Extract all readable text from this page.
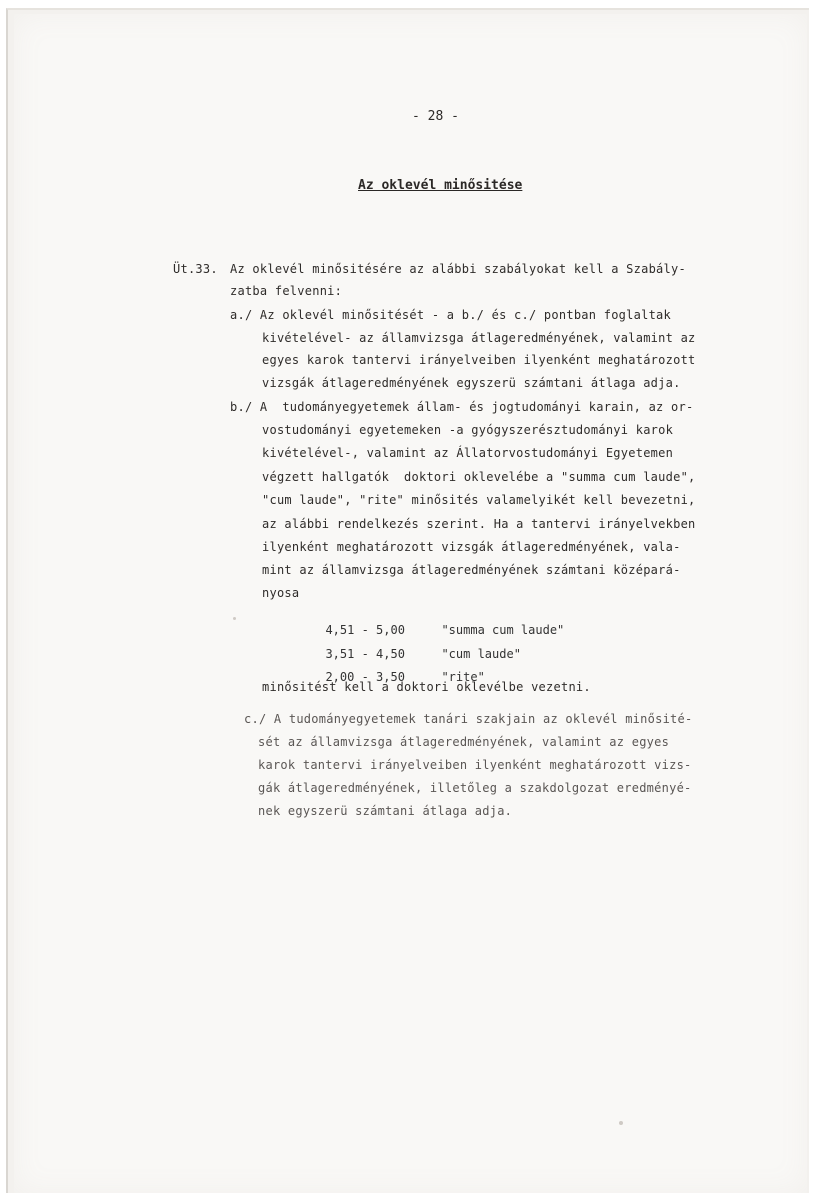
- 28 -
Az oklevél minősitése
Üt.33. Az oklevél minősitésére az alábbi szabályokat kell a Szabály-
zatba felvenni:
a./ Az oklevél minősitését - a b./ és c./ pontban foglaltak
kivételével- az államvizsga átlageredményének, valamint az
egyes karok tantervi irányelveiben ilyenként meghatározott
vizsgák átlageredményének egyszerü számtani átlaga adja.
b./ A  tudományegyetemek állam- és jogtudományi karain, az or-
vostudományi egyetemeken -a gyógyszerésztudományi karok
kivételével-, valamint az Állatorvostudományi Egyetemen
végzett hallgatók  doktori oklevelébe a "summa cum laude",
"cum laude", "rite" minősités valamelyikét kell bevezetni,
az alábbi rendelkezés szerint. Ha a tantervi irányelvekben
ilyenként meghatározott vizsgák átlageredményének, vala-
mint az államvizsga átlageredményének számtani középará-
nyosa

4,51 - 5,00	"summa cum laude"

3,51 - 4,50	"cum laude"

2,00 - 3,50	"rite"

minősitést kell a doktori oklevélbe vezetni.
c./ A tudományegyetemek tanári szakjain az oklevél minősité-
sét az államvizsga átlageredményének, valamint az egyes
karok tantervi irányelveiben ilyenként meghatározott vizs-
gák átlageredményének, illetőleg a szakdolgozat eredményé-
nek egyszerü számtani átlaga adja.
